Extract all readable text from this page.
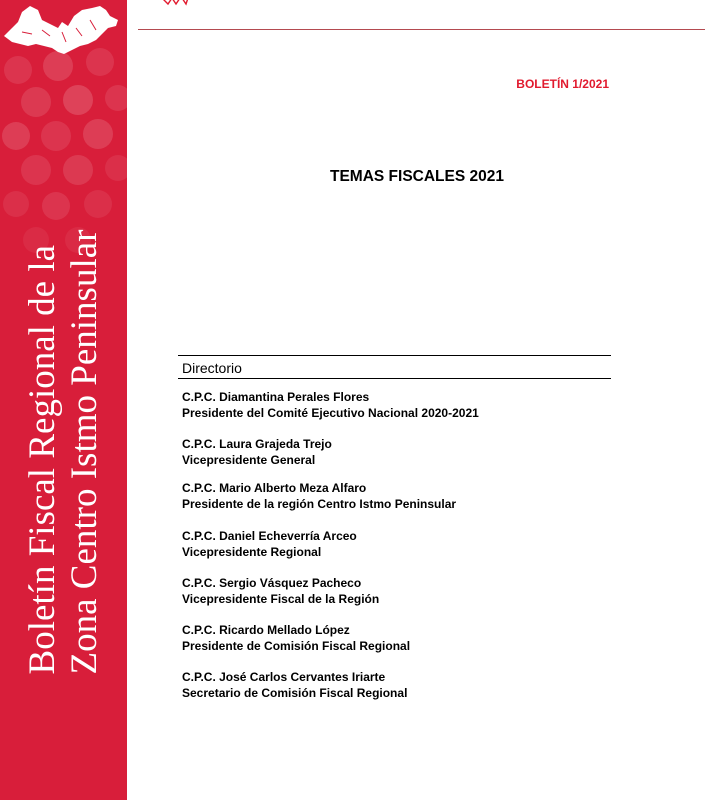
Boletín Fiscal Regional de la Zona Centro Istmo Peninsular
BOLETÍN 1/2021
TEMAS FISCALES 2021
Directorio
C.P.C. Diamantina Perales Flores
Presidente del Comité Ejecutivo Nacional 2020-2021
C.P.C. Laura Grajeda Trejo
Vicepresidente General
C.P.C. Mario Alberto Meza Alfaro
Presidente de la región Centro Istmo Peninsular
C.P.C. Daniel Echeverría Arceo
Vicepresidente Regional
C.P.C. Sergio Vásquez Pacheco
Vicepresidente Fiscal de la Región
C.P.C. Ricardo Mellado López
Presidente de Comisión Fiscal Regional
C.P.C. José Carlos Cervantes Iriarte
Secretario de Comisión Fiscal Regional
